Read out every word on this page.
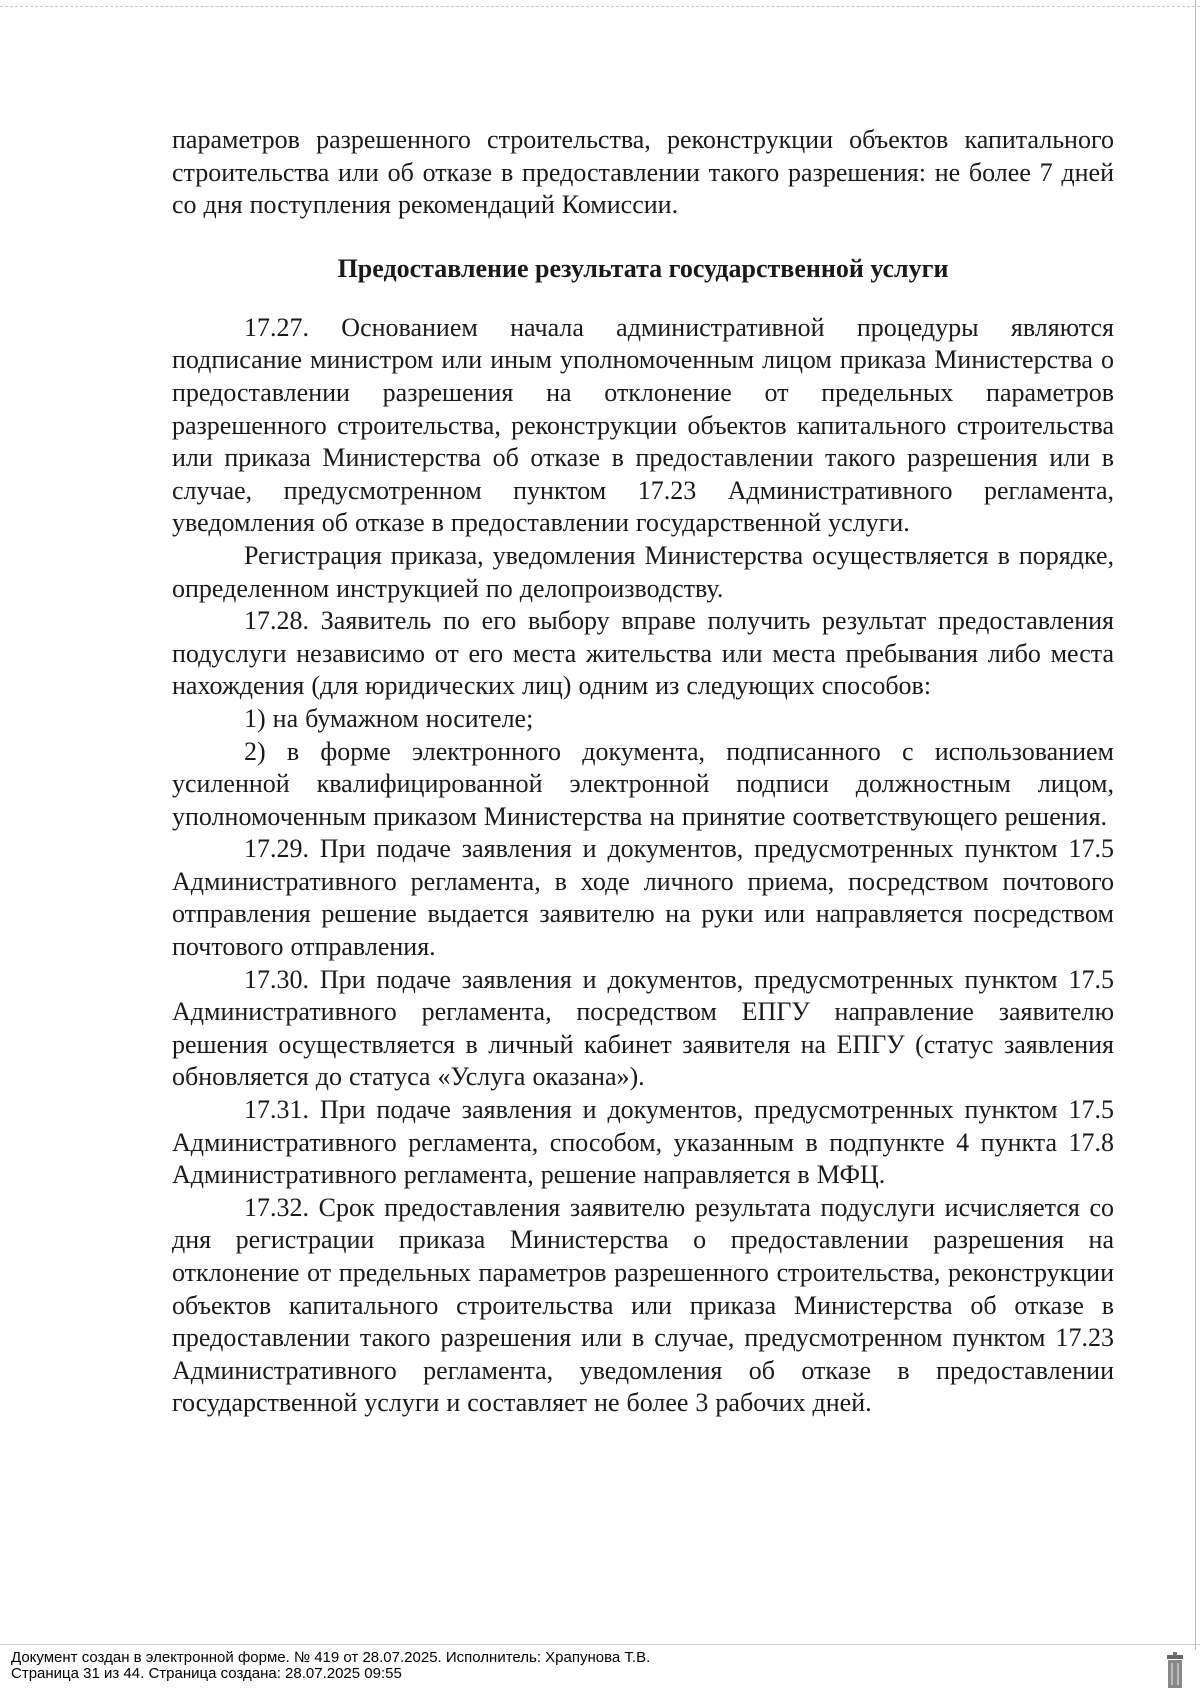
параметров разрешенного строительства, реконструкции объектов капитального строительства или об отказе в предоставлении такого разрешения: не более 7 дней со дня поступления рекомендаций Комиссии.

Предоставление результата государственной услуги

17.27. Основанием начала административной процедуры являются подписание министром или иным уполномоченным лицом приказа Министерства о предоставлении разрешения на отклонение от предельных параметров разрешенного строительства, реконструкции объектов капитального строительства или приказа Министерства об отказе в предоставлении такого разрешения или в случае, предусмотренном пунктом 17.23 Административного регламента, уведомления об отказе в предоставлении государственной услуги.

Регистрация приказа, уведомления Министерства осуществляется в порядке, определенном инструкцией по делопроизводству.

17.28. Заявитель по его выбору вправе получить результат предоставления подуслуги независимо от его места жительства или места пребывания либо места нахождения (для юридических лиц) одним из следующих способов:

1) на бумажном носителе;

2) в форме электронного документа, подписанного с использованием усиленной квалифицированной электронной подписи должностным лицом, уполномоченным приказом Министерства на принятие соответствующего решения.

17.29. При подаче заявления и документов, предусмотренных пунктом 17.5 Административного регламента, в ходе личного приема, посредством почтового отправления решение выдается заявителю на руки или направляется посредством почтового отправления.

17.30. При подаче заявления и документов, предусмотренных пунктом 17.5 Административного регламента, посредством ЕПГУ направление заявителю решения осуществляется в личный кабинет заявителя на ЕПГУ (статус заявления обновляется до статуса «Услуга оказана»).

17.31. При подаче заявления и документов, предусмотренных пунктом 17.5 Административного регламента, способом, указанным в подпункте 4 пункта 17.8 Административного регламента, решение направляется в МФЦ.

17.32. Срок предоставления заявителю результата подуслуги исчисляется со дня регистрации приказа Министерства о предоставлении разрешения на отклонение от предельных параметров разрешенного строительства, реконструкции объектов капитального строительства или приказа Министерства об отказе в предоставлении такого разрешения или в случае, предусмотренном пунктом 17.23 Административного регламента, уведомления об отказе в предоставлении государственной услуги и составляет не более 3 рабочих дней.

Документ создан в электронной форме. № 419 от 28.07.2025. Исполнитель: Храпунова Т.В.
Страница 31 из 44. Страница создана: 28.07.2025 09:55
